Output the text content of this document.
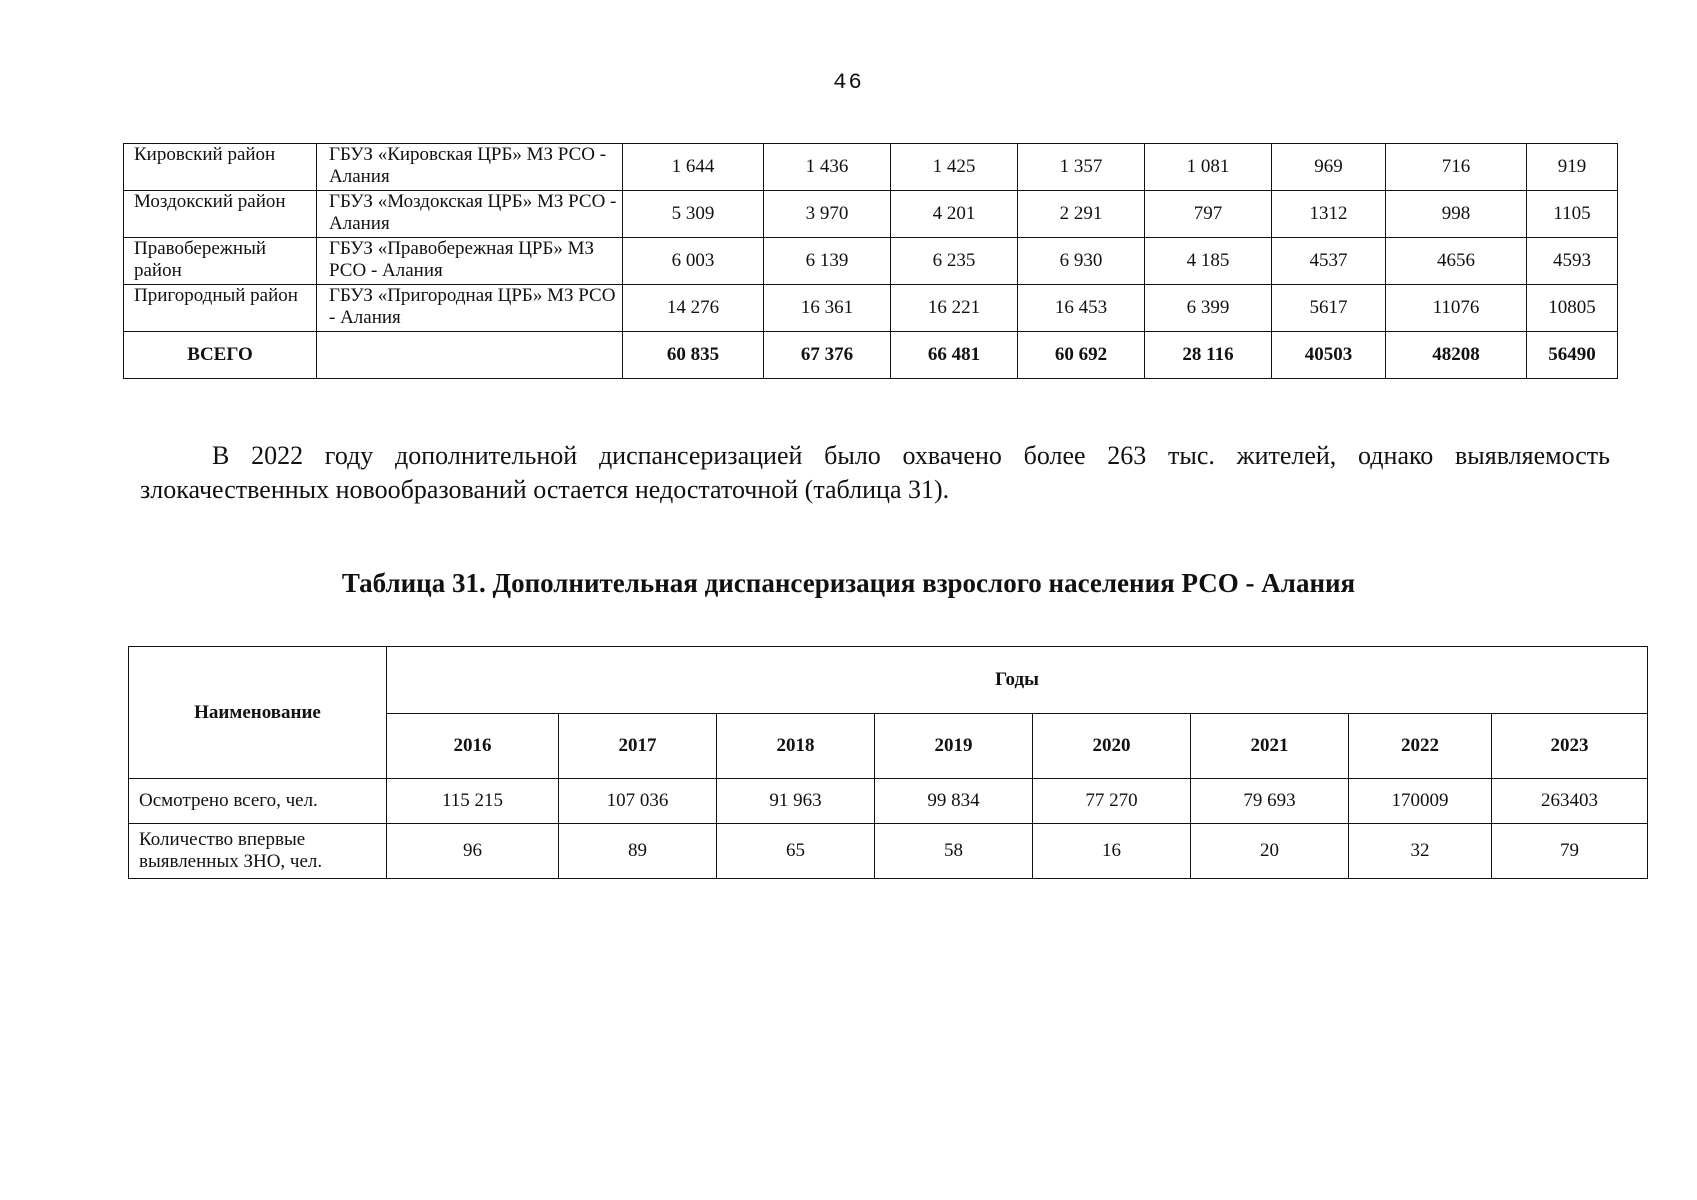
46
Кировский район	ГБУЗ «Кировская ЦРБ» МЗ РСО - Алания	1 644	1 436	1 425	1 357	1 081	969	716	919
Моздокский район	ГБУЗ «Моздокская ЦРБ» МЗ РСО - Алания	5 309	3 970	4 201	2 291	797	1312	998	1105
Правобережный район	ГБУЗ «Правобережная ЦРБ» МЗ РСО - Алания	6 003	6 139	6 235	6 930	4 185	4537	4656	4593
Пригородный район	ГБУЗ «Пригородная ЦРБ» МЗ РСО - Алания	14 276	16 361	16 221	16 453	6 399	5617	11076	10805
ВСЕГО		60 835	67 376	66 481	60 692	28 116	40503	48208	56490

В 2022 году дополнительной диспансеризацией было охвачено более 263 тыс. жителей, однако выявляемость злокачественных новообразований остается недостаточной (таблица 31).

Таблица 31. Дополнительная диспансеризация взрослого населения РСО - Алания
Наименование	Годы							
	2016	2017	2018	2019	2020	2021	2022	2023
Осмотрено всего, чел.	115 215	107 036	91 963	99 834	77 270	79 693	170009	263403
Количество впервые выявленных ЗНО, чел.	96	89	65	58	16	20	32	79
